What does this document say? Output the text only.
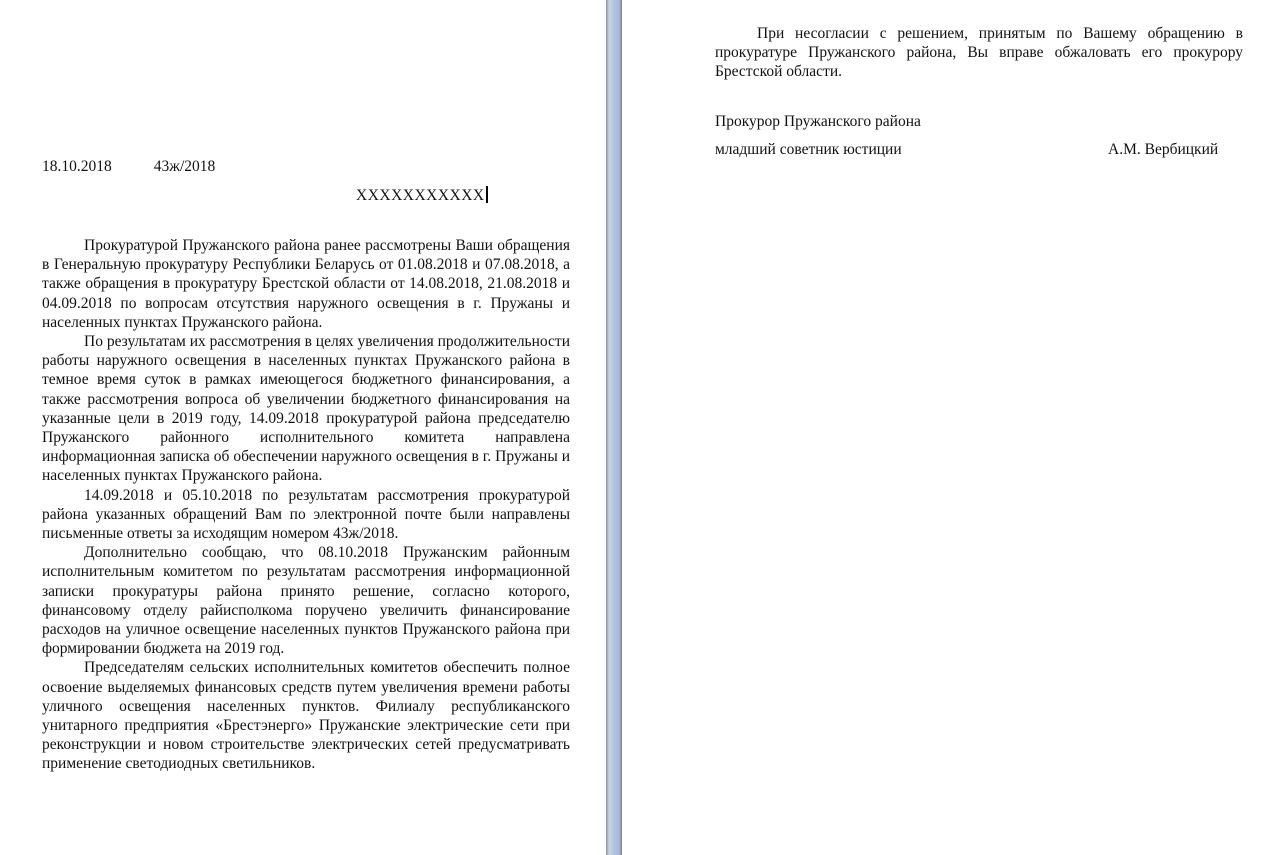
18.10.2018	43ж/2018
ХХХХХХХХХХХ

Прокуратурой Пружанского района ранее рассмотрены Ваши обращения в Генеральную прокуратуру Республики Беларусь от 01.08.2018 и 07.08.2018, а также обращения в прокуратуру Брестской области от 14.08.2018, 21.08.2018 и 04.09.2018 по вопросам отсутствия наружного освещения в г. Пружаны и населенных пунктах Пружанского района.

По результатам их рассмотрения в целях увеличения продолжительности работы наружного освещения в населенных пунктах Пружанского района в темное время суток в рамках имеющегося бюджетного финансирования, а также рассмотрения вопроса об увеличении бюджетного финансирования на указанные цели в 2019 году, 14.09.2018 прокуратурой района председателю Пружанского районного исполнительного комитета направлена информационная записка об обеспечении наружного освещения в г. Пружаны и населенных пунктах Пружанского района.

14.09.2018 и 05.10.2018 по результатам рассмотрения прокуратурой района указанных обращений Вам по электронной почте были направлены письменные ответы за исходящим номером 43ж/2018.

Дополнительно сообщаю, что 08.10.2018 Пружанским районным исполнительным комитетом по результатам рассмотрения информационной записки прокуратуры района принято решение, согласно которого, финансовому отделу райисполкома поручено увеличить финансирование расходов на уличное освещение населенных пунктов Пружанского района при формировании бюджета на 2019 год.

Председателям сельских исполнительных комитетов обеспечить полное освоение выделяемых финансовых средств путем увеличения времени работы уличного освещения населенных пунктов. Филиалу республиканского унитарного предприятия «Брестэнерго» Пружанские электрические сети при реконструкции и новом строительстве электрических сетей предусматривать применение светодиодных светильников.

При несогласии с решением, принятым по Вашему обращению в прокуратуре Пружанского района, Вы вправе обжаловать его прокурору Брестской области.

Прокурор Пружанского района
младший советник юстиции	А.М. Вербицкий
